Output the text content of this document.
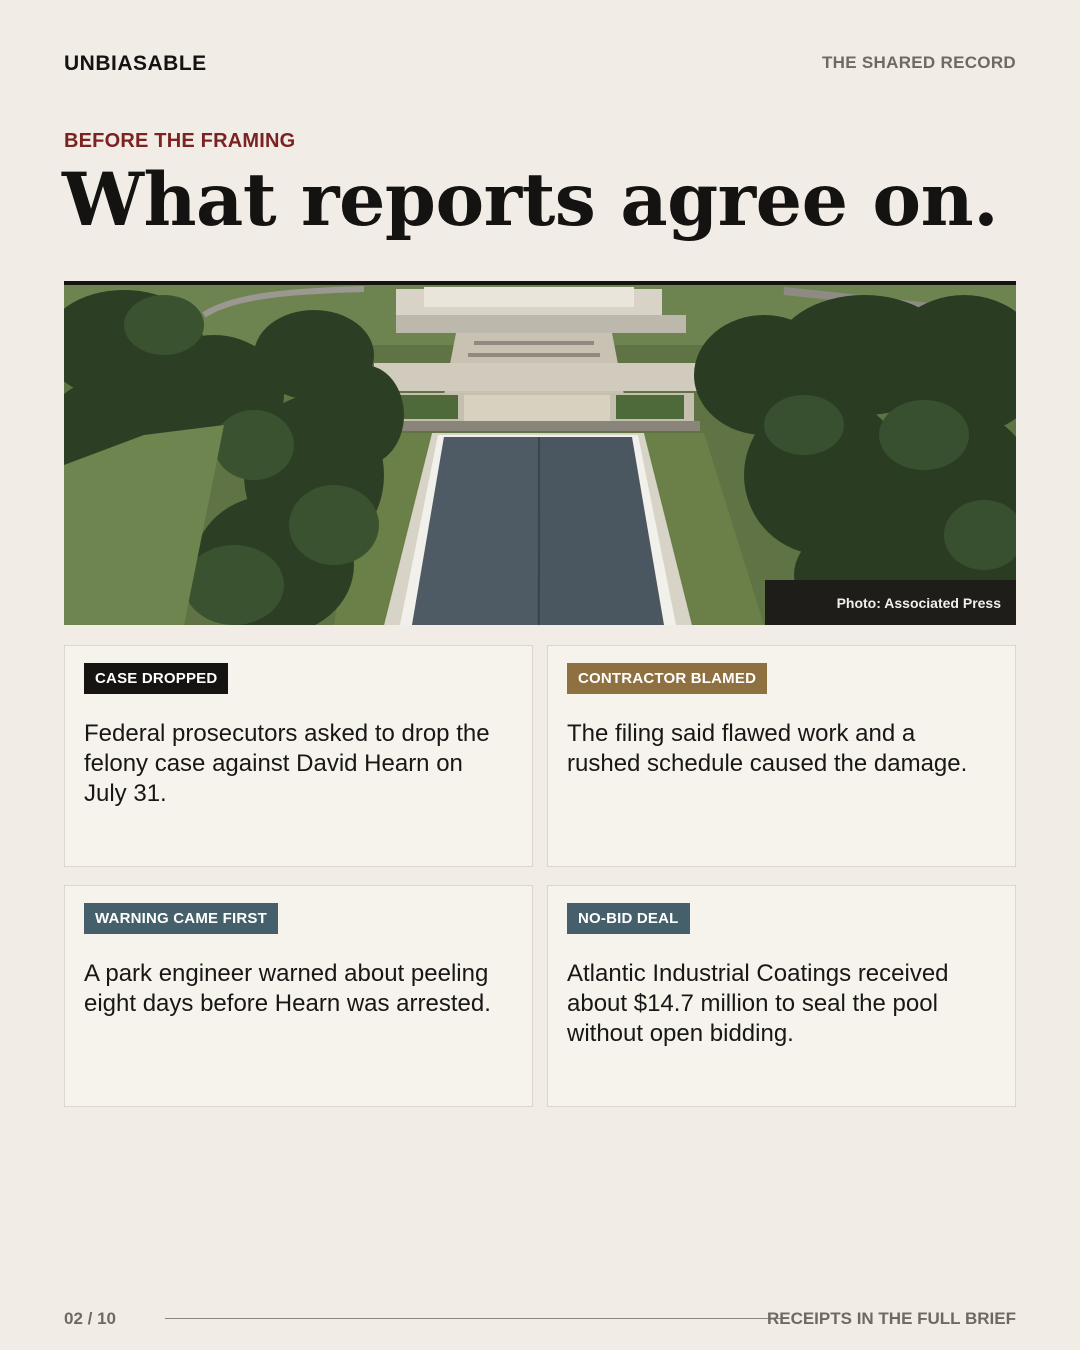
UNBIASABLE	THE SHARED RECORD
BEFORE THE FRAMING
What reports agree on.
Photo: Associated Press
CASE DROPPED
Federal prosecutors asked to drop the felony case against David Hearn on July 31.
CONTRACTOR BLAMED
The filing said flawed work and a rushed schedule caused the damage.
WARNING CAME FIRST
A park engineer warned about peeling eight days before Hearn was arrested.
NO-BID DEAL
Atlantic Industrial Coatings received about $14.7 million to seal the pool without open bidding.
02 / 10	RECEIPTS IN THE FULL BRIEF
